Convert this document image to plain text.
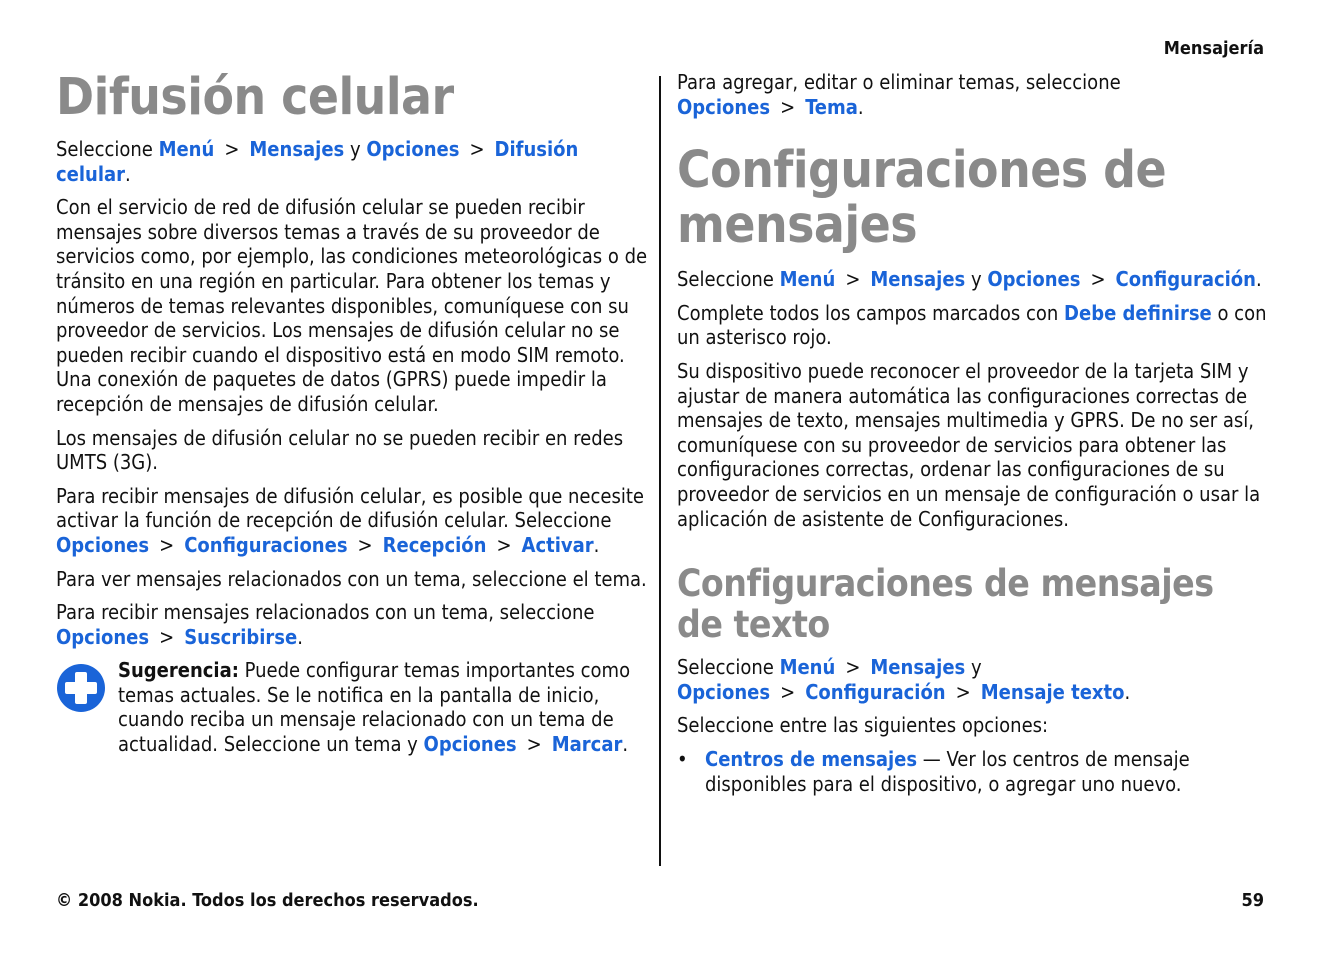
Mensajería
Difusión celular

Seleccione Menú > Mensajes y Opciones > Difusión celular.

Con el servicio de red de difusión celular se pueden recibir mensajes sobre diversos temas a través de su proveedor de servicios como, por ejemplo, las condiciones meteorológicas o de tránsito en una región en particular. Para obtener los temas y números de temas relevantes disponibles, comuníquese con su proveedor de servicios. Los mensajes de difusión celular no se pueden recibir cuando el dispositivo está en modo SIM remoto. Una conexión de paquetes de datos (GPRS) puede impedir la recepción de mensajes de difusión celular.

Los mensajes de difusión celular no se pueden recibir en redes UMTS (3G).

Para recibir mensajes de difusión celular, es posible que necesite activar la función de recepción de difusión celular. Seleccione Opciones > Configuraciones > Recepción > Activar.

Para ver mensajes relacionados con un tema, seleccione el tema.

Para recibir mensajes relacionados con un tema, seleccione Opciones > Suscribirse.

Sugerencia: Puede configurar temas importantes como temas actuales. Se le notifica en la pantalla de inicio, cuando reciba un mensaje relacionado con un tema de actualidad. Seleccione un tema y Opciones > Marcar.

Para agregar, editar o eliminar temas, seleccione Opciones > Tema.

Configuraciones de mensajes

Seleccione Menú > Mensajes y Opciones > Configuración.

Complete todos los campos marcados con Debe definirse o con un asterisco rojo.

Su dispositivo puede reconocer el proveedor de la tarjeta SIM y ajustar de manera automática las configuraciones correctas de mensajes de texto, mensajes multimedia y GPRS. De no ser así, comuníquese con su proveedor de servicios para obtener las configuraciones correctas, ordenar las configuraciones de su proveedor de servicios en un mensaje de configuración o usar la aplicación de asistente de Configuraciones.

Configuraciones de mensajes de texto

Seleccione Menú > Mensajes y Opciones > Configuración > Mensaje texto.

Seleccione entre las siguientes opciones:

• Centros de mensajes — Ver los centros de mensaje disponibles para el dispositivo, o agregar uno nuevo.
© 2008 Nokia. Todos los derechos reservados.	59
